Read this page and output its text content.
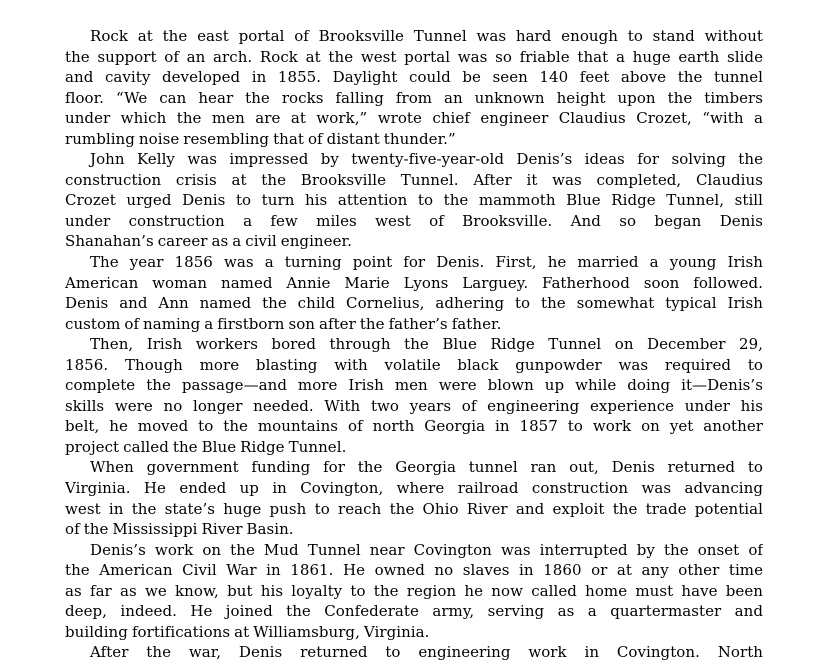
Rock at the east portal of Brooksville Tunnel was hard enough to stand without
the support of an arch. Rock at the west portal was so friable that a huge earth slide
and cavity developed in 1855. Daylight could be seen 140 feet above the tunnel
floor. “We can hear the rocks falling from an unknown height upon the timbers
under which the men are at work,” wrote chief engineer Claudius Crozet, “with a
rumbling noise resembling that of distant thunder.”
John Kelly was impressed by twenty-five-year-old Denis’s ideas for solving the
construction crisis at the Brooksville Tunnel. After it was completed, Claudius
Crozet urged Denis to turn his attention to the mammoth Blue Ridge Tunnel, still
under construction a few miles west of Brooksville. And so began Denis
Shanahan’s career as a civil engineer.
The year 1856 was a turning point for Denis. First, he married a young Irish
American woman named Annie Marie Lyons Larguey. Fatherhood soon followed.
Denis and Ann named the child Cornelius, adhering to the somewhat typical Irish
custom of naming a firstborn son after the father’s father.
Then, Irish workers bored through the Blue Ridge Tunnel on December 29,
1856. Though more blasting with volatile black gunpowder was required to
complete the passage—and more Irish men were blown up while doing it—Denis’s
skills were no longer needed. With two years of engineering experience under his
belt, he moved to the mountains of north Georgia in 1857 to work on yet another
project called the Blue Ridge Tunnel.
When government funding for the Georgia tunnel ran out, Denis returned to
Virginia. He ended up in Covington, where railroad construction was advancing
west in the state’s huge push to reach the Ohio River and exploit the trade potential
of the Mississippi River Basin.
Denis’s work on the Mud Tunnel near Covington was interrupted by the onset of
the American Civil War in 1861. He owned no slaves in 1860 or at any other time
as far as we know, but his loyalty to the region he now called home must have been
deep, indeed. He joined the Confederate army, serving as a quartermaster and
building fortifications at Williamsburg, Virginia.
After the war, Denis returned to engineering work in Covington. North
